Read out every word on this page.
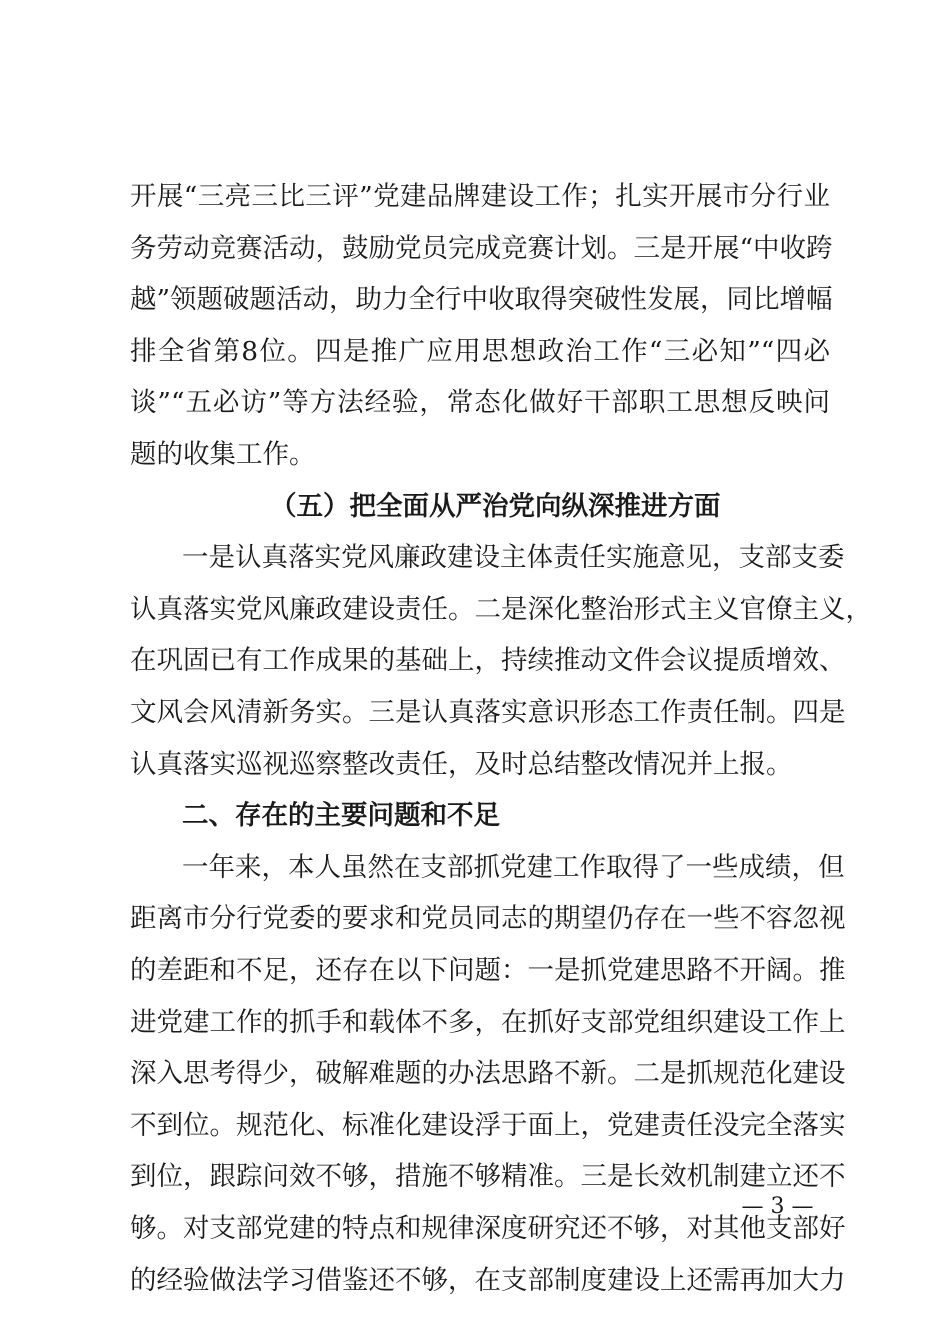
开展“三亮三比三评”党建品牌建设工作；扎实开展市分行业
务劳动竞赛活动，鼓励党员完成竞赛计划。三是开展“中收跨
越”领题破题活动，助力全行中收取得突破性发展，同比增幅
排全省第8位。四是推广应用思想政治工作“三必知”“四必
谈”“五必访”等方法经验，常态化做好干部职工思想反映问
题的收集工作。
（五）把全面从严治党向纵深推进方面
一是认真落实党风廉政建设主体责任实施意见，支部支委
认真落实党风廉政建设责任。二是深化整治形式主义官僚主义，
在巩固已有工作成果的基础上，持续推动文件会议提质增效、
文风会风清新务实。三是认真落实意识形态工作责任制。四是
认真落实巡视巡察整改责任，及时总结整改情况并上报。
二、存在的主要问题和不足
一年来，本人虽然在支部抓党建工作取得了一些成绩，但
距离市分行党委的要求和党员同志的期望仍存在一些不容忽视
的差距和不足，还存在以下问题：一是抓党建思路不开阔。推
进党建工作的抓手和载体不多，在抓好支部党组织建设工作上
深入思考得少，破解难题的办法思路不新。二是抓规范化建设
不到位。规范化、标准化建设浮于面上，党建责任没完全落实
到位，跟踪问效不够，措施不够精准。三是长效机制建立还不
— 3 —
够。对支部党建的特点和规律深度研究还不够，对其他支部好
的经验做法学习借鉴还不够，在支部制度建设上还需再加大力
